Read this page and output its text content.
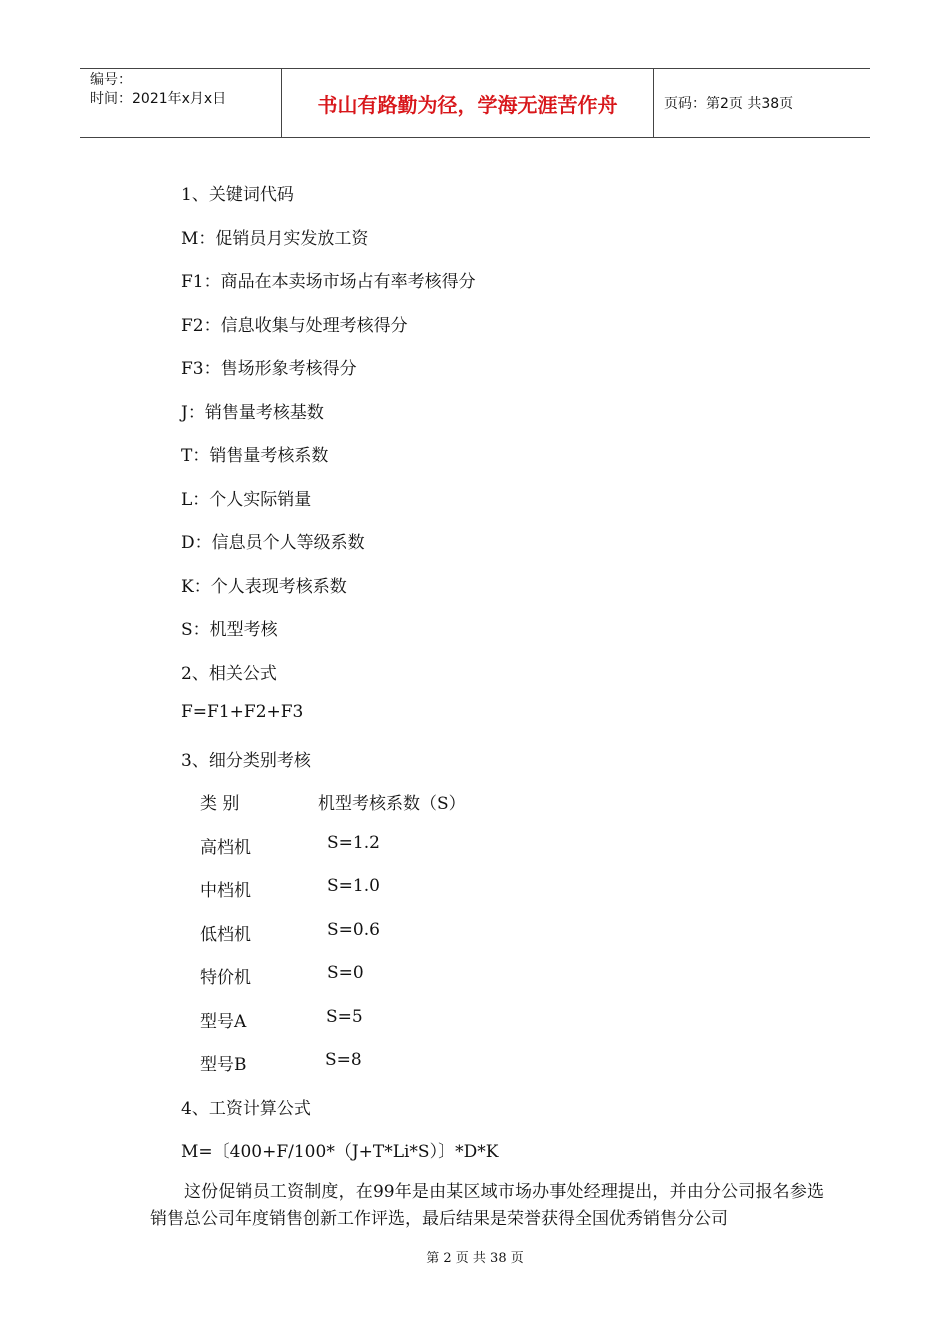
编号：
时间：2021年x月x日	书山有路勤为径，学海无涯苦作舟	页码：第2页 共38页
1、关键词代码
M：促销员月实发放工资
F1：商品在本卖场市场占有率考核得分
F2：信息收集与处理考核得分
F3：售场形象考核得分
J：销售量考核基数
T：销售量考核系数
L：个人实际销量
D：信息员个人等级系数
K：个人表现考核系数
S：机型考核
2、相关公式
F=F1+F2+F3
3、细分类别考核
类 别	机型考核系数（S）
高档机	S=1.2
中档机	S=1.0
低档机	S=0.6
特价机	S=0
型号A	S=5
型号B	S=8
4、工资计算公式
M=〔400+F/100*（J+T*Li*S）〕*D*K
这份促销员工资制度，在99年是由某区域市场办事处经理提出，并由分公司报名参选销售总公司年度销售创新工作评选，最后结果是荣誉获得全国优秀销售分公司
第 2 页 共 38 页
